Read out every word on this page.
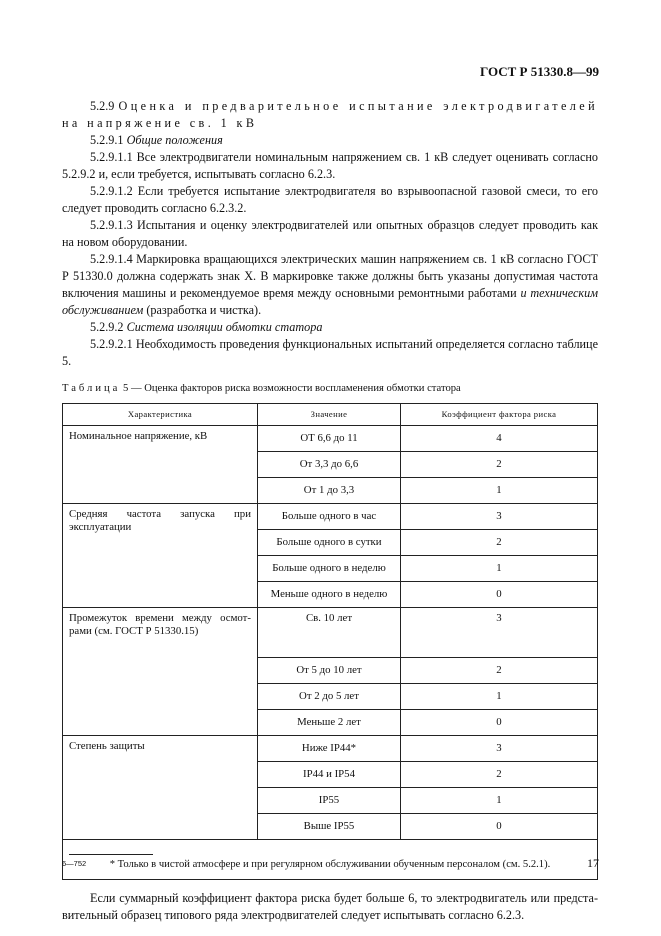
ГОСТ Р 51330.8—99

5.2.9 Оценка и предварительное испытание электродвигателей на напряжение св. 1 кВ

5.2.9.1 Общие положения

5.2.9.1.1 Все электродвигатели номинальным напряжением св. 1 кВ следует оценивать согласно 5.2.9.2 и, если требуется, испытывать согласно 6.2.3.

5.2.9.1.2 Если требуется испытание электродвигателя во взрывоопасной газовой смеси, то его следует проводить согласно 6.2.3.2.

5.2.9.1.3 Испытания и оценку электродвигателей или опытных образцов следует проводить как на новом оборудовании.

5.2.9.1.4 Маркировка вращающихся электрических машин напряжением св. 1 кВ согласно ГОСТ Р 51330.0 должна содержать знак Х. В маркировке также должны быть указаны допустимая частота включения машины и рекомендуемое время между основными ремонтными работами и техническим обслуживанием (разработка и чистка).

5.2.9.2 Система изоляции обмотки статора

5.2.9.2.1 Необходимость проведения функциональных испытаний определяется согласно таблице 5.

Таблица 5 — Оценка факторов риска возможности воспламенения обмотки статора
Характеристика	Значение	Коэффициент фактора риска
Номинальное напряжение, кВ	ОТ 6,6 до 11	4
	От 3,3 до 6,6	2
	От 1 до 3,3	1
Средняя частота запуска при эксплуатации	Больше одного в час	3
	Больше одного в сутки	2
	Больше одного в неделю	1
	Меньше одного в неделю	0
Промежуток времени между осмотрами (см. ГОСТ Р 51330.15)	Св. 10 лет	3
	От 5 до 10 лет	2
	От 2 до 5 лет	1
	Меньше 2 лет	0
Степень защиты	Ниже IP44*	3
	IP44 и IP54	2
	IP55	1
	Выше IP55	0

* Только в чистой атмосфере и при регулярном обслуживании обученным персоналом (см. 5.2.1).		

Если суммарный коэффициент фактора риска будет больше 6, то электродвигатель или представительный образец типового ряда электродвигателей следует испытывать согласно 6.2.3.

6—752	17
